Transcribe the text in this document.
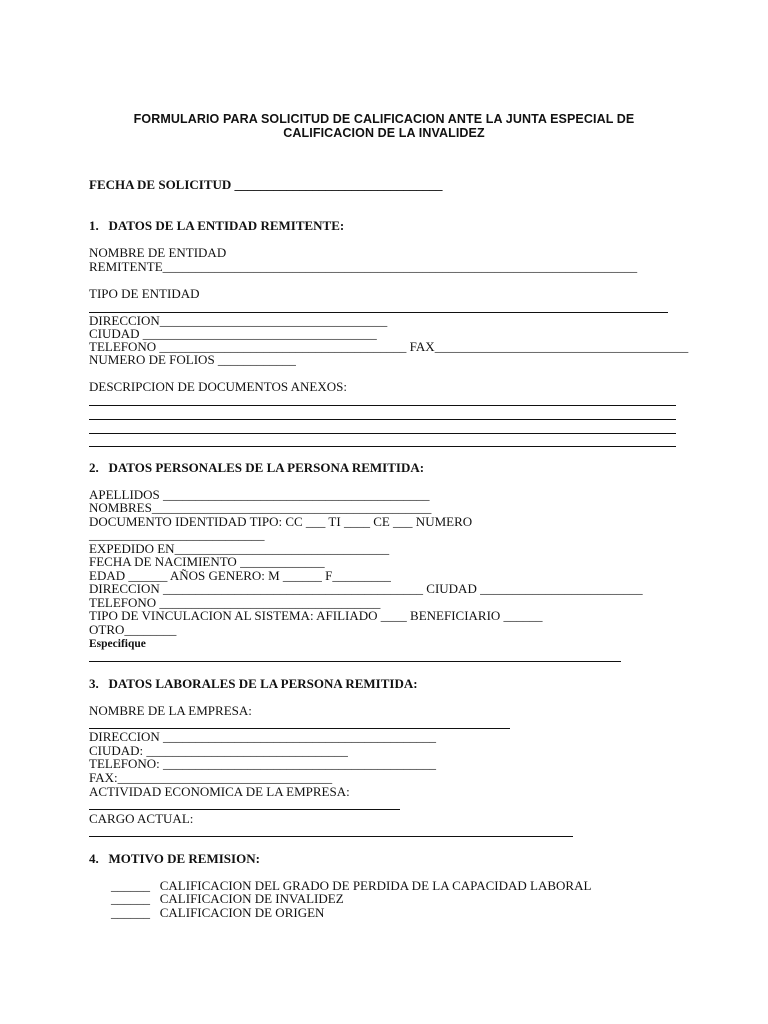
FORMULARIO PARA SOLICITUD DE CALIFICACION ANTE LA JUNTA ESPECIAL DE
CALIFICACION DE LA INVALIDEZ
FECHA DE SOLICITUD ________________________________
1.   DATOS DE LA ENTIDAD REMITENTE:
NOMBRE DE ENTIDAD
REMITENTE_________________________________________________________________________
TIPO DE ENTIDAD
DIRECCION___________________________________
CIUDAD ____________________________________
TELEFONO ______________________________________ FAX_______________________________________
NUMERO DE FOLIOS ____________
DESCRIPCION DE DOCUMENTOS ANEXOS:
2.   DATOS PERSONALES DE LA PERSONA REMITIDA:
APELLIDOS _________________________________________
NOMBRES___________________________________________
DOCUMENTO IDENTIDAD TIPO: CC ___ TI ____ CE ___ NUMERO
___________________________
EXPEDIDO EN_________________________________
FECHA DE NACIMIENTO _____________
EDAD ______ AÑOS GENERO: M ______ F_________
DIRECCION ________________________________________ CIUDAD _________________________
TELEFONO __________________________________
TIPO DE VINCULACION AL SISTEMA: AFILIADO ____ BENEFICIARIO ______
OTRO________
Especifique
3.   DATOS LABORALES DE LA PERSONA REMITIDA:
NOMBRE DE LA EMPRESA:
DIRECCION __________________________________________
CIUDAD: _______________________________
TELEFONO: __________________________________________
FAX:_________________________________
ACTIVIDAD ECONOMICA DE LA EMPRESA:
CARGO ACTUAL:
4.   MOTIVO DE REMISION:
______   CALIFICACION DEL GRADO DE PERDIDA DE LA CAPACIDAD LABORAL
______   CALIFICACION DE INVALIDEZ
______   CALIFICACION DE ORIGEN
